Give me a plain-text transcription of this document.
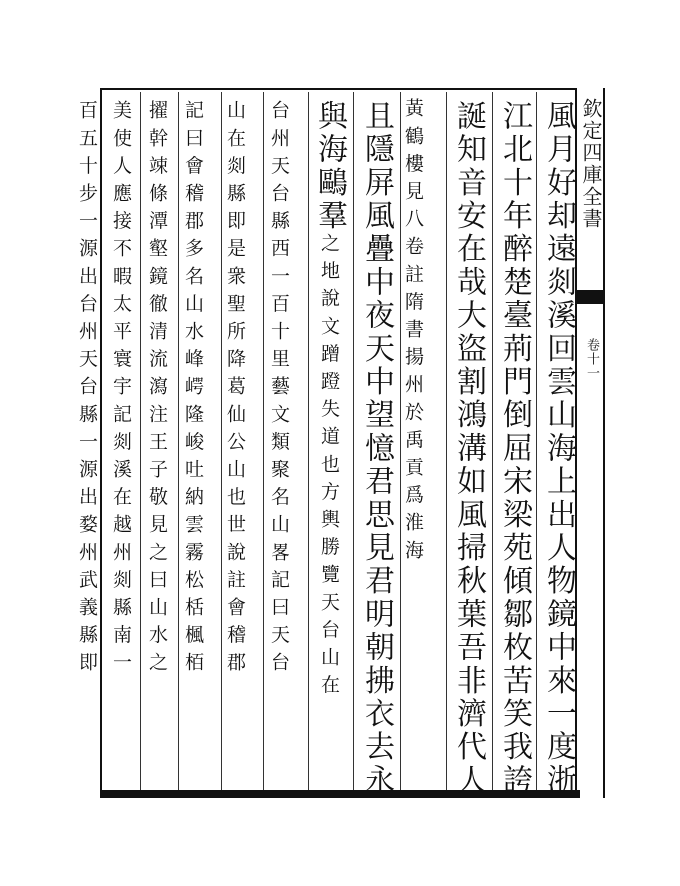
欽定四庫全書
卷十一
風月好却遠剡溪回雲山海上出人物鏡中來一度浙
江北十年醉楚臺荊門倒屈宋梁苑傾鄒枚苦笑我誇
誕知音安在哉大盜割鴻溝如風掃秋葉吾非濟代人
且隱屏風疊中夜天中望憶君思見君明朝拂衣去永 黃鶴樓見八卷註隋書揚州於禹貢爲淮海
與海鷗羣之地說文蹭蹬失道也方輿勝覽天台山在
台州天台縣西一百十里藝文類聚名山畧記曰天台
山在剡縣即是衆聖所降葛仙公山也世說註會稽郡
記曰會稽郡多名山水峰崿隆峻吐納雲霧松栝楓栢
擢幹竦條潭壑鏡徹清流瀉注王子敬見之曰山水之
美使人應接不暇太平寰宇記剡溪在越州剡縣南一
百五十步一源出台州天台縣一源出婺州武義縣即
